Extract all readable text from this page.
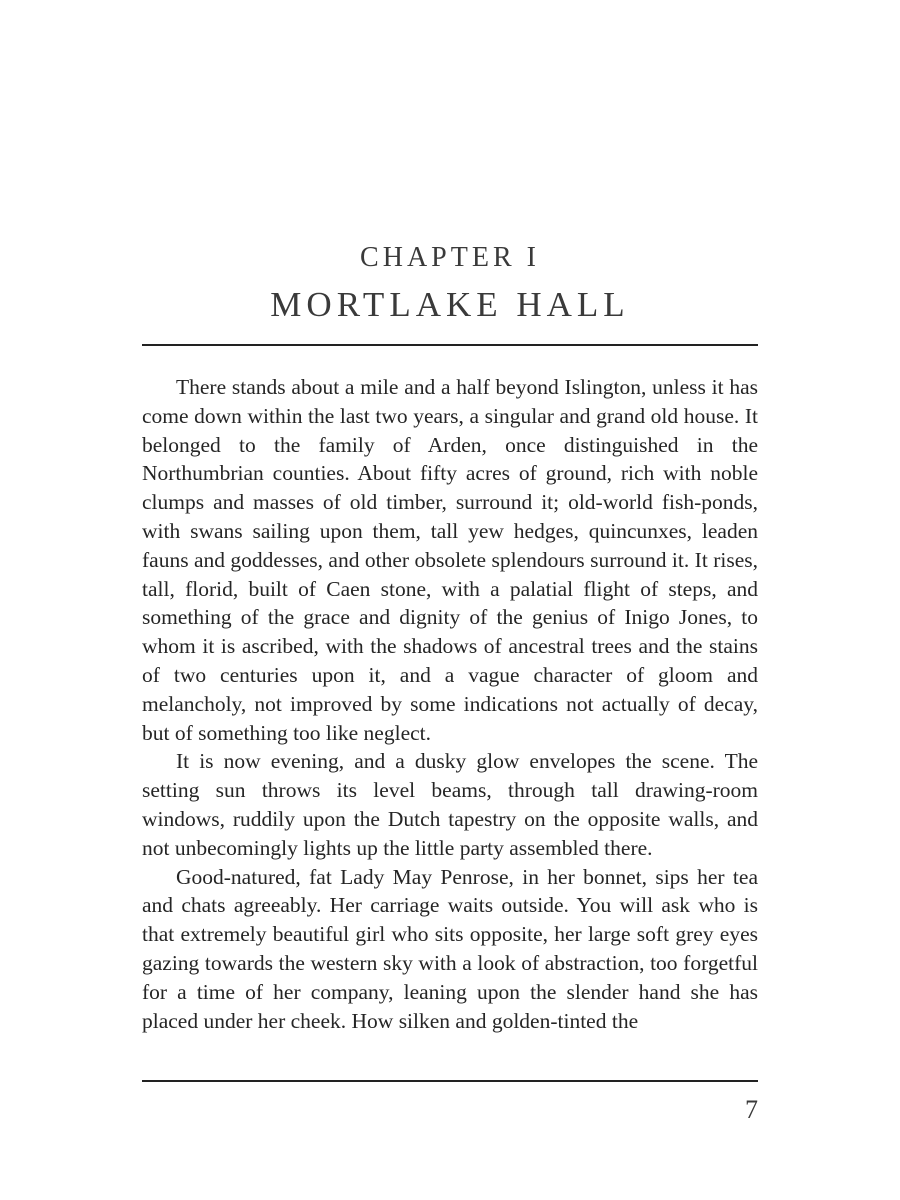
CHAPTER I
MORTLAKE HALL

There stands about a mile and a half beyond Islington, unless it has come down within the last two years, a singular and grand old house. It belonged to the family of Arden, once distinguished in the Northumbrian counties. About fifty acres of ground, rich with noble clumps and masses of old timber, surround it; old-world fish-ponds, with swans sailing upon them, tall yew hedges, quincunxes, leaden fauns and goddesses, and other obsolete splendours surround it. It rises, tall, florid, built of Caen stone, with a palatial flight of steps, and something of the grace and dignity of the genius of Inigo Jones, to whom it is ascribed, with the shadows of ancestral trees and the stains of two centuries upon it, and a vague character of gloom and melancholy, not improved by some indications not actually of decay, but of something too like neglect.

It is now evening, and a dusky glow envelopes the scene. The setting sun throws its level beams, through tall drawing-room windows, ruddily upon the Dutch tapestry on the opposite walls, and not unbecomingly lights up the little party assembled there.

Good-natured, fat Lady May Penrose, in her bonnet, sips her tea and chats agreeably. Her carriage waits outside. You will ask who is that extremely beautiful girl who sits opposite, her large soft grey eyes gazing towards the western sky with a look of abstraction, too forgetful for a time of her company, leaning upon the slender hand she has placed under her cheek. How silken and golden-tinted the

7
